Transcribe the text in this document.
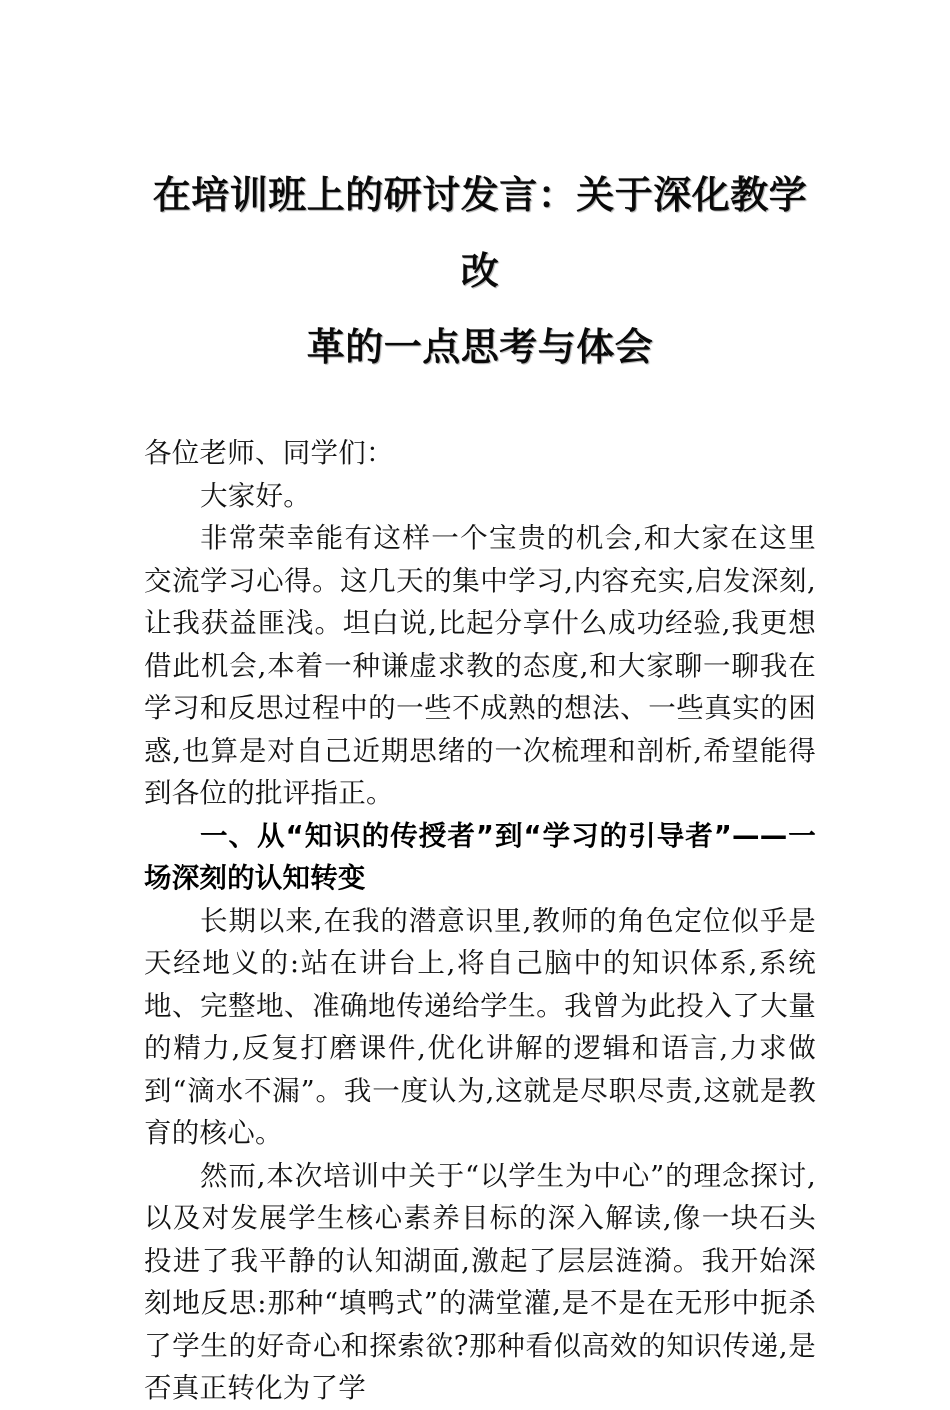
在培训班上的研讨发言：关于深化教学改
革的一点思考与体会

各位老师、同学们：

大家好。

非常荣幸能有这样一个宝贵的机会,和大家在这里交流学习心得。这几天的集中学习,内容充实,启发深刻,让我获益匪浅。坦白说,比起分享什么成功经验,我更想借此机会,本着一种谦虚求教的态度,和大家聊一聊我在学习和反思过程中的一些不成熟的想法、一些真实的困惑,也算是对自己近期思绪的一次梳理和剖析,希望能得到各位的批评指正。

一、从“知识的传授者”到“学习的引导者”——一场深刻的认知转变

长期以来,在我的潜意识里,教师的角色定位似乎是天经地义的:站在讲台上,将自己脑中的知识体系,系统地、完整地、准确地传递给学生。我曾为此投入了大量的精力,反复打磨课件,优化讲解的逻辑和语言,力求做到“滴水不漏”。我一度认为,这就是尽职尽责,这就是教育的核心。

然而,本次培训中关于“以学生为中心”的理念探讨,以及对发展学生核心素养目标的深入解读,像一块石头投进了我平静的认知湖面,激起了层层涟漪。我开始深刻地反思:那种“填鸭式”的满堂灌,是不是在无形中扼杀了学生的好奇心和探索欲?那种看似高效的知识传递,是否真正转化为了学
